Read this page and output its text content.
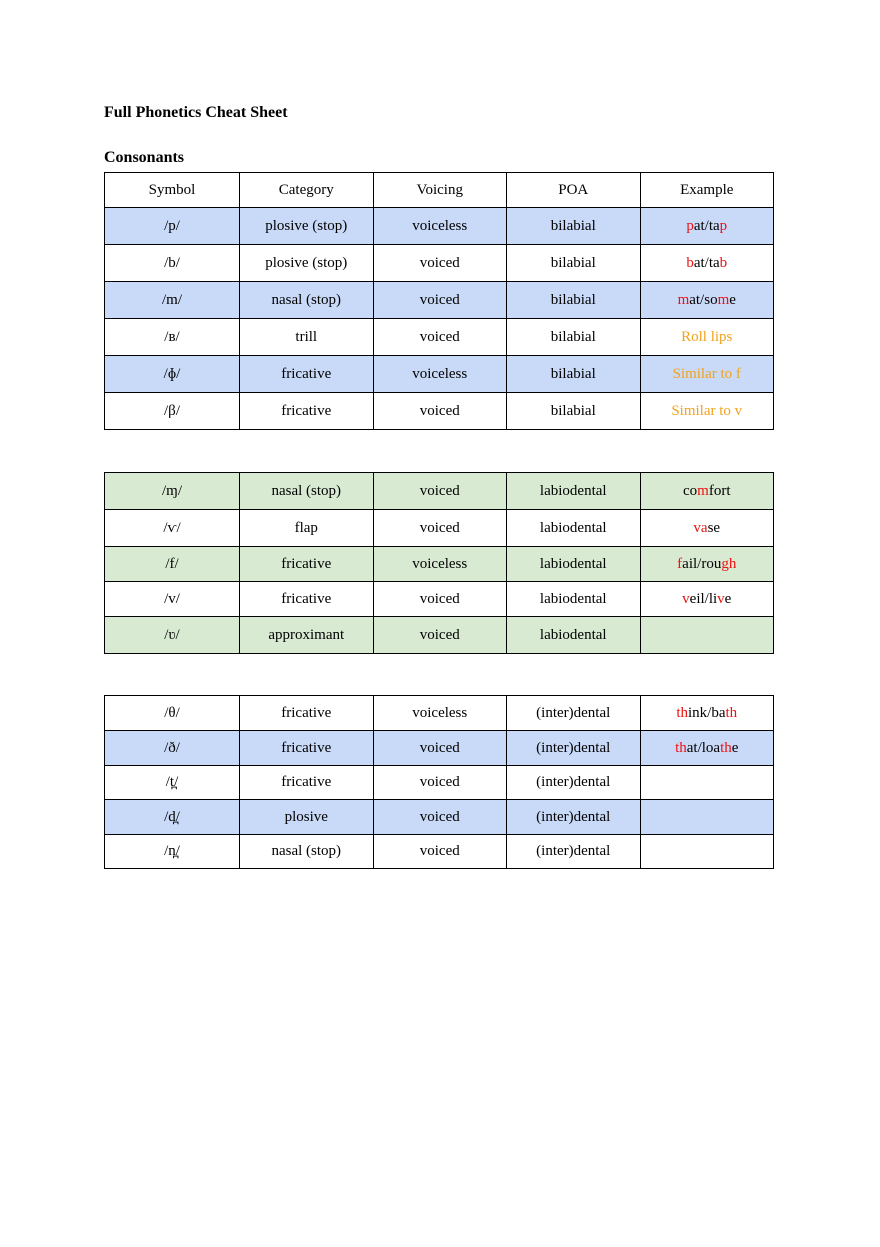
Full Phonetics Cheat Sheet
Consonants
Symbol	Category	Voicing	POA	Example
/p/	plosive (stop)	voiceless	bilabial	pat/tap
/b/	plosive (stop)	voiced	bilabial	bat/tab
/m/	nasal (stop)	voiced	bilabial	mat/some
/ʙ/	trill	voiced	bilabial	Roll lips
/ɸ/	fricative	voiceless	bilabial	Similar to f
/β/	fricative	voiced	bilabial	Similar to v
/ɱ/	nasal (stop)	voiced	labiodental	comfort
/ⱱ/	flap	voiced	labiodental	vase
/f/	fricative	voiceless	labiodental	fail/rough
/v/	fricative	voiced	labiodental	veil/live
/ʋ/	approximant	voiced	labiodental	
/θ/	fricative	voiceless	(inter)dental	think/bath
/ð/	fricative	voiced	(inter)dental	that/loathe
/t̪/	fricative	voiced	(inter)dental	
/d̪/	plosive	voiced	(inter)dental	
/n̪/	nasal (stop)	voiced	(inter)dental	
